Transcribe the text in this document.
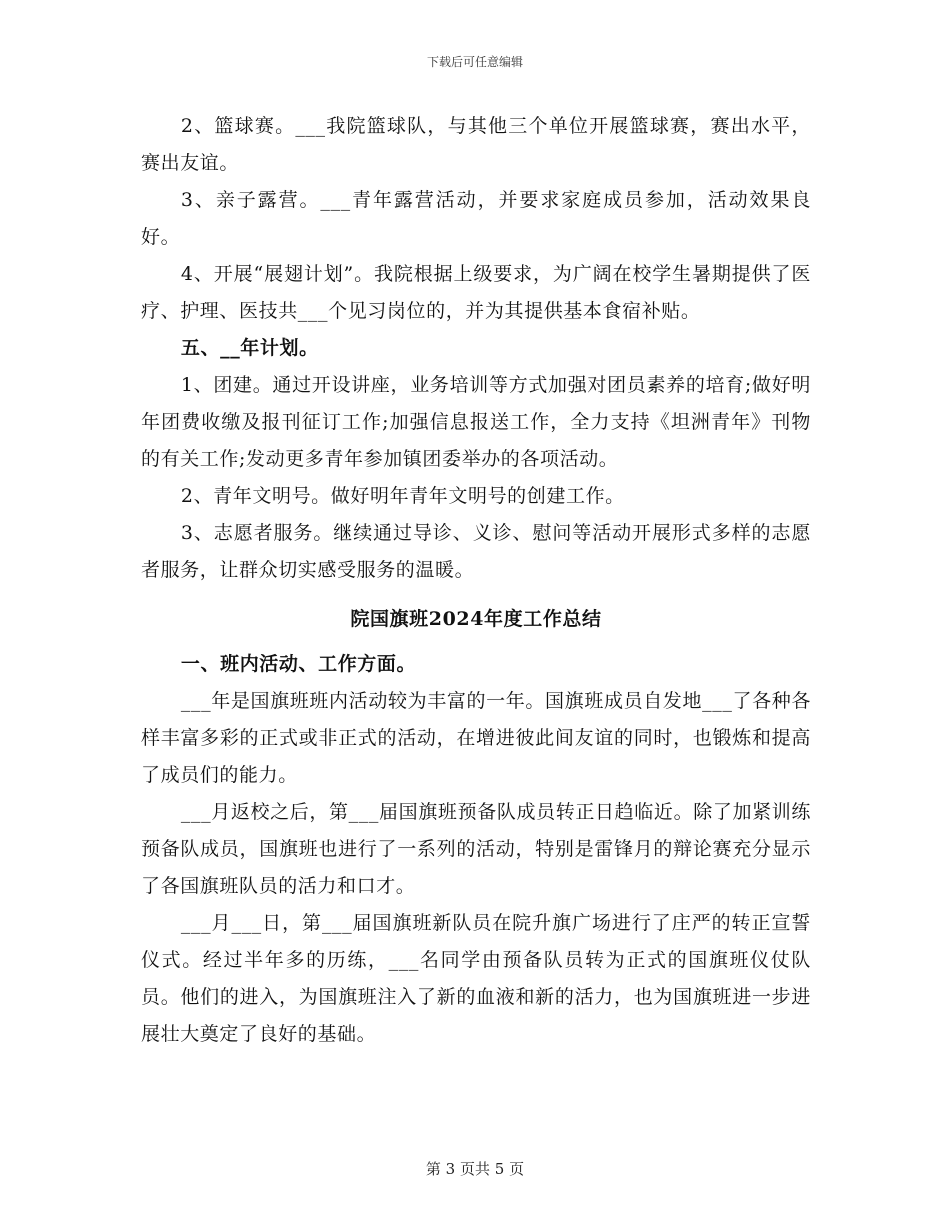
下载后可任意编辑

2、篮球赛。___我院篮球队，与其他三个单位开展篮球赛，赛出水平，赛出友谊。

3、亲子露营。___青年露营活动，并要求家庭成员参加，活动效果良好。

4、开展“展翅计划”。我院根据上级要求，为广阔在校学生暑期提供了医疗、护理、医技共___个见习岗位的，并为其提供基本食宿补贴。

五、__年计划。

1、团建。通过开设讲座，业务培训等方式加强对团员素养的培育;做好明年团费收缴及报刊征订工作;加强信息报送工作，全力支持《坦洲青年》刊物的有关工作;发动更多青年参加镇团委举办的各项活动。

2、青年文明号。做好明年青年文明号的创建工作。

3、志愿者服务。继续通过导诊、义诊、慰问等活动开展形式多样的志愿者服务，让群众切实感受服务的温暖。

院国旗班2024年度工作总结

一、班内活动、工作方面。

___年是国旗班班内活动较为丰富的一年。国旗班成员自发地___了各种各样丰富多彩的正式或非正式的活动，在增进彼此间友谊的同时，也锻炼和提高了成员们的能力。

___月返校之后，第___届国旗班预备队成员转正日趋临近。除了加紧训练预备队成员，国旗班也进行了一系列的活动，特别是雷锋月的辩论赛充分显示了各国旗班队员的活力和口才。

___月___日，第___届国旗班新队员在院升旗广场进行了庄严的转正宣誓仪式。经过半年多的历练，___名同学由预备队员转为正式的国旗班仪仗队员。他们的进入，为国旗班注入了新的血液和新的活力，也为国旗班进一步进展壮大奠定了良好的基础。

第 3 页共 5 页
